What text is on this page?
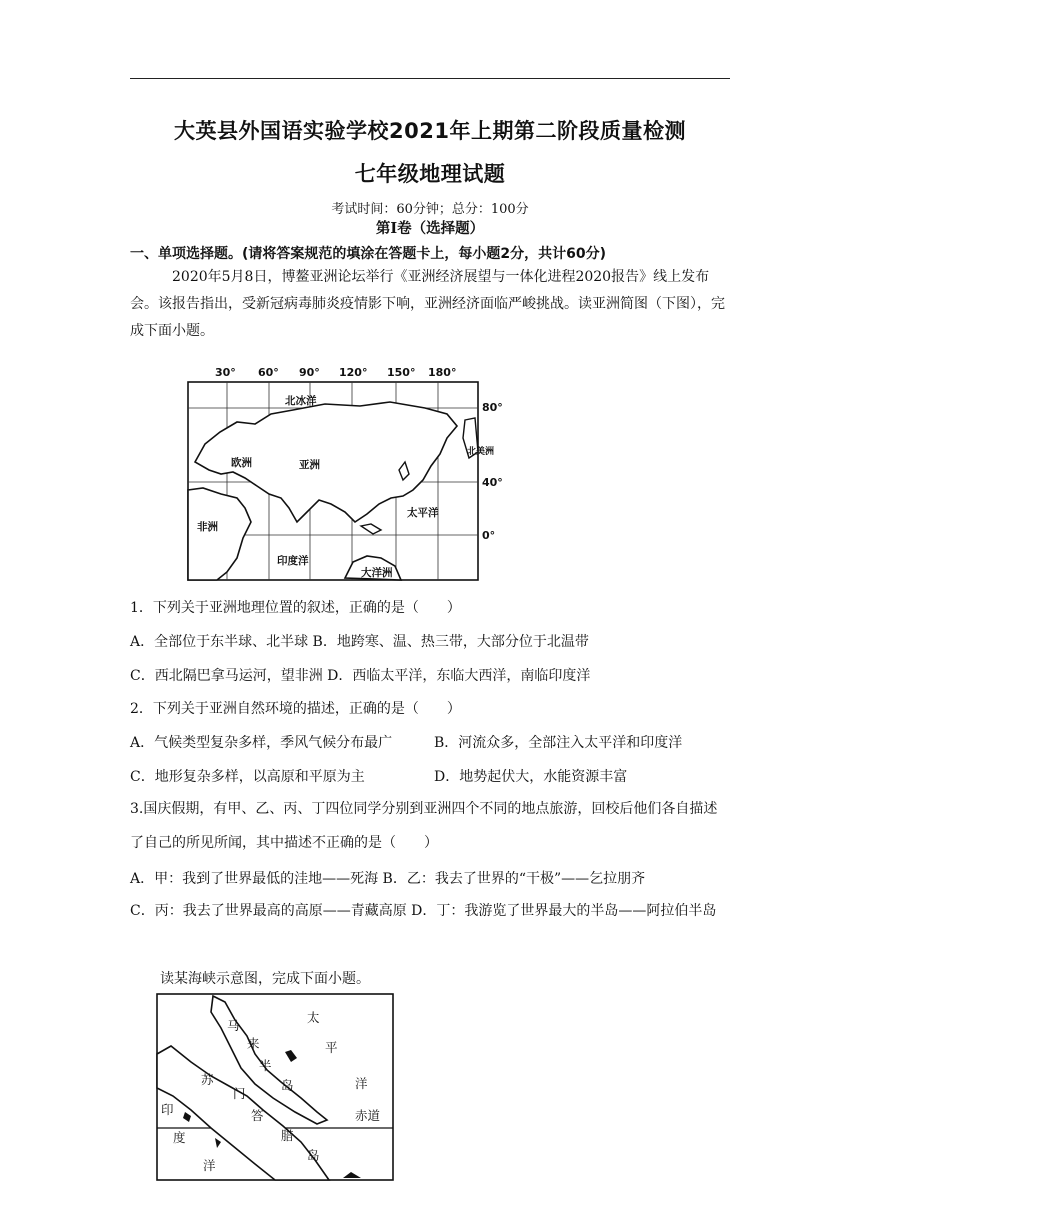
大英县外国语实验学校2021年上期第二阶段质量检测
七年级地理试题
考试时间：60分钟；总分：100分
第Ⅰ卷（选择题）
一、单项选择题。(请将答案规范的填涂在答题卡上，每小题2分，共计60分)
2020年5月8日，博鳌亚洲论坛举行《亚洲经济展望与一体化进程2020报告》线上发布会。该报告指出，受新冠病毒肺炎疫情影下响，亚洲经济面临严峻挑战。读亚洲简图（下图），完成下面小题。
30° 60° 90° 120° 150° 180°
80°
40°
0°
北冰洋
欧洲	亚洲
非洲
太平洋
印度洋
大洋洲
北美洲
1．下列关于亚洲地理位置的叙述，正确的是（　　）
A．全部位于东半球、北半球 B．地跨寒、温、热三带，大部分位于北温带
C．西北隔巴拿马运河，望非洲 D．西临太平洋，东临大西洋，南临印度洋
2．下列关于亚洲自然环境的描述，正确的是（　　）
A．气候类型复杂多样，季风气候分布最广	B．河流众多，全部注入太平洋和印度洋
C．地形复杂多样，以高原和平原为主	D．地势起伏大，水能资源丰富
3.国庆假期，有甲、乙、丙、丁四位同学分别到亚洲四个不同的地点旅游，回校后他们各自描述了自己的所见所闻，其中描述不正确的是（　　）
A．甲：我到了世界最低的洼地——死海 B．乙：我去了世界的“干极”——乞拉朋齐
C．丙：我去了世界最高的高原——青藏高原 D．丁：我游览了世界最大的半岛——阿拉伯半岛
读某海峡示意图，完成下面小题。
马
来
半
岛
太
平
洋
苏
门
答
腊
岛
印
度
洋
赤道
